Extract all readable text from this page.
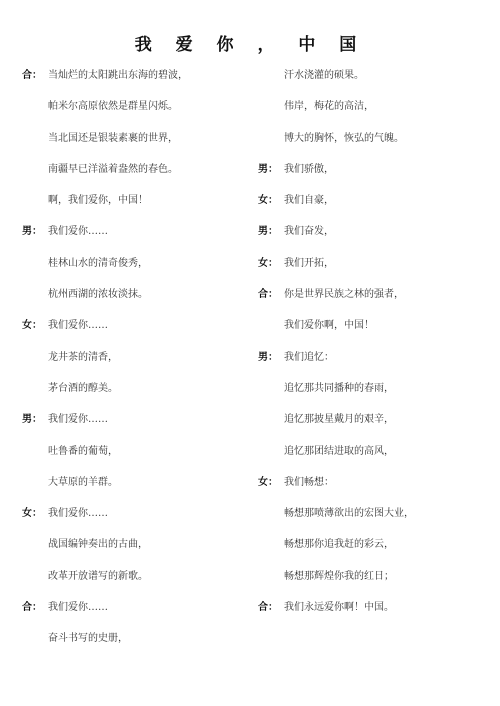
我 爱 你 ， 中 国
合： 当灿烂的太阳跳出东海的碧波，
帕米尔高原依然是群星闪烁。
当北国还是银装素裹的世界，
南疆早已洋溢着盎然的春色。
啊，我们爱你，中国！
男： 我们爱你……
桂林山水的清奇俊秀，
杭州西湖的浓妆淡抹。
女： 我们爱你……
龙井茶的清香，
茅台酒的醇美。
男： 我们爱你……
吐鲁番的葡萄，
大草原的羊群。
女： 我们爱你……
战国编钟奏出的古曲，
改革开放谱写的新歌。
合： 我们爱你……
奋斗书写的史册，
汗水浇灌的硕果。
伟岸，梅花的高洁，
博大的胸怀，恢弘的气魄。
男： 我们骄傲，
女： 我们自豪，
男： 我们奋发，
女： 我们开拓，
合： 你是世界民族之林的强者，
我们爱你啊，中国！
男： 我们追忆：
追忆那共同播种的春雨，
追忆那披星戴月的艰辛，
追忆那团结进取的高风，
女： 我们畅想：
畅想那喷薄欲出的宏图大业，
畅想那你追我赶的彩云，
畅想那辉煌你我的红日；
合： 我们永远爱你啊！中国。
